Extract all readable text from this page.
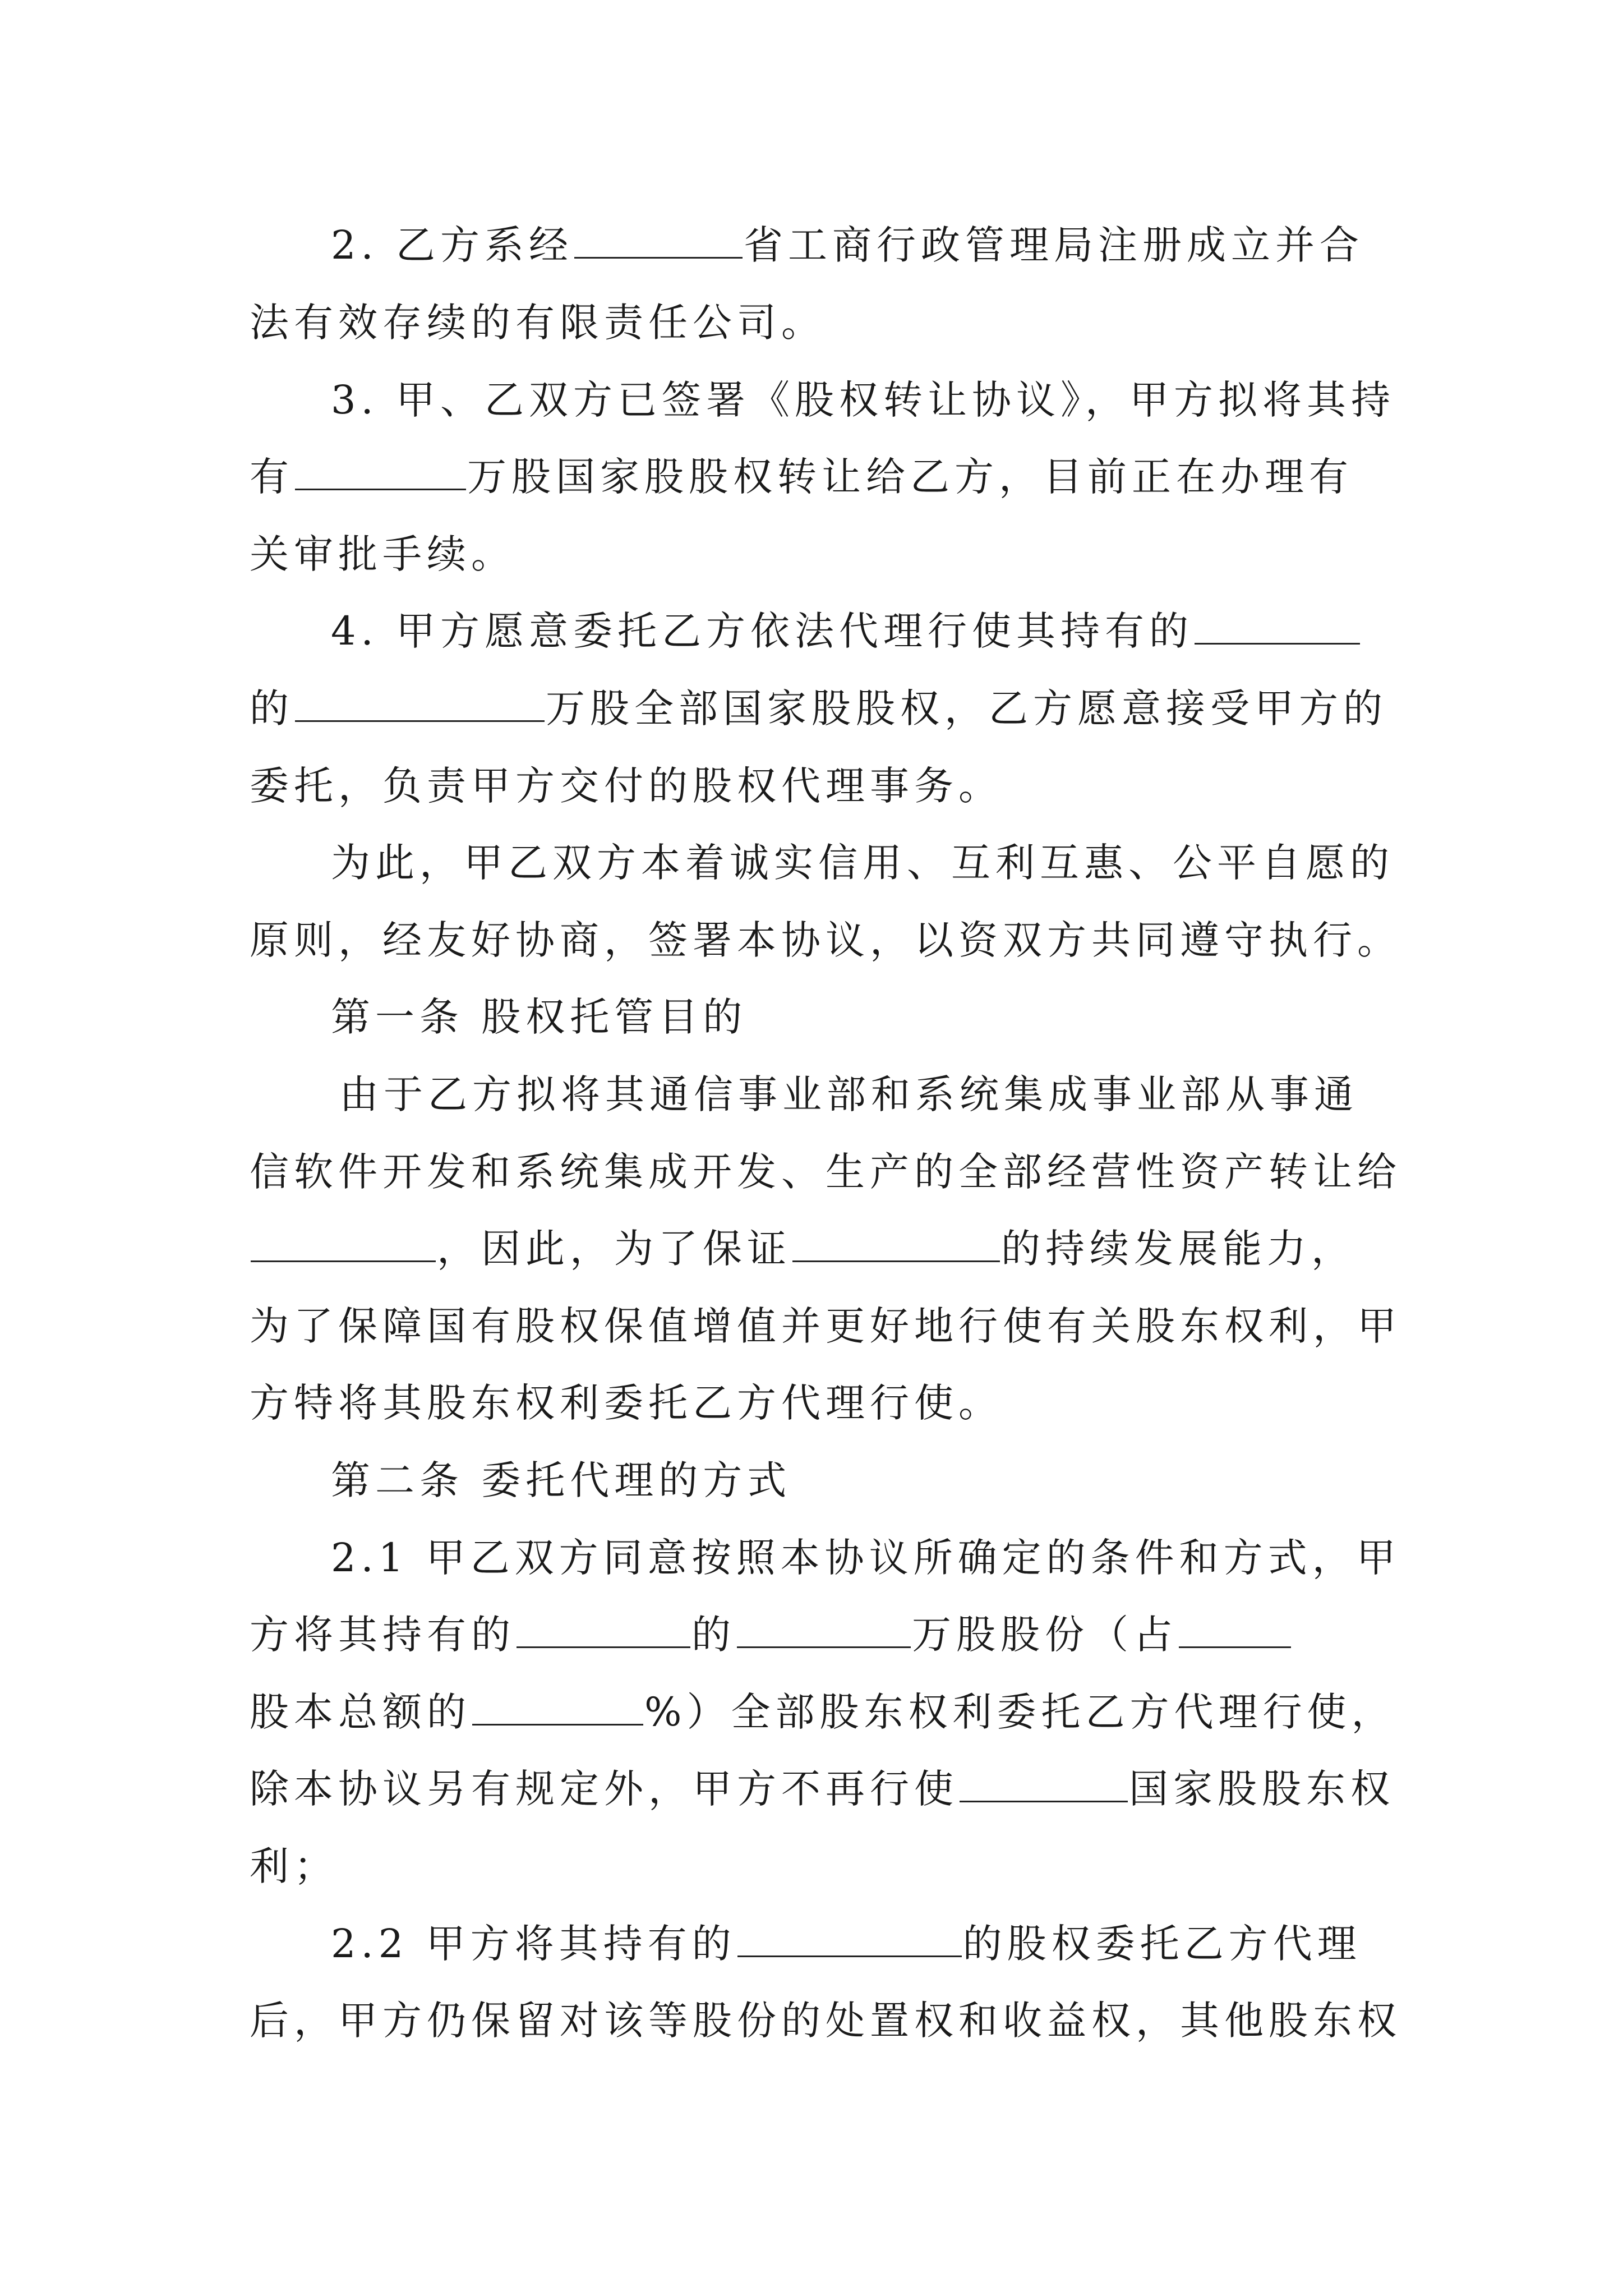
2. 乙方系经	省工商行政管理局注册成立并合
法有效存续的有限责任公司。
3. 甲、乙双方已签署《股权转让协议》，甲方拟将其持
有	万股国家股股权转让给乙方，目前正在办理有
关审批手续。
4. 甲方愿意委托乙方依法代理行使其持有的
的	万股全部国家股股权，乙方愿意接受甲方的
委托，负责甲方交付的股权代理事务。
为此，甲乙双方本着诚实信用、互利互惠、公平自愿的
原则，经友好协商，签署本协议，以资双方共同遵守执行。
第一条 股权托管目的
由于乙方拟将其通信事业部和系统集成事业部从事通
信软件开发和系统集成开发、生产的全部经营性资产转让给
，因此，为了保证	的持续发展能力，
为了保障国有股权保值增值并更好地行使有关股东权利，甲
方特将其股东权利委托乙方代理行使。
第二条 委托代理的方式
2.1 甲乙双方同意按照本协议所确定的条件和方式，甲
方将其持有的	的	万股股份（占
股本总额的	%）全部股东权利委托乙方代理行使，
除本协议另有规定外，甲方不再行使	国家股股东权
利；
2.2 甲方将其持有的	的股权委托乙方代理
后，甲方仍保留对该等股份的处置权和收益权，其他股东权
